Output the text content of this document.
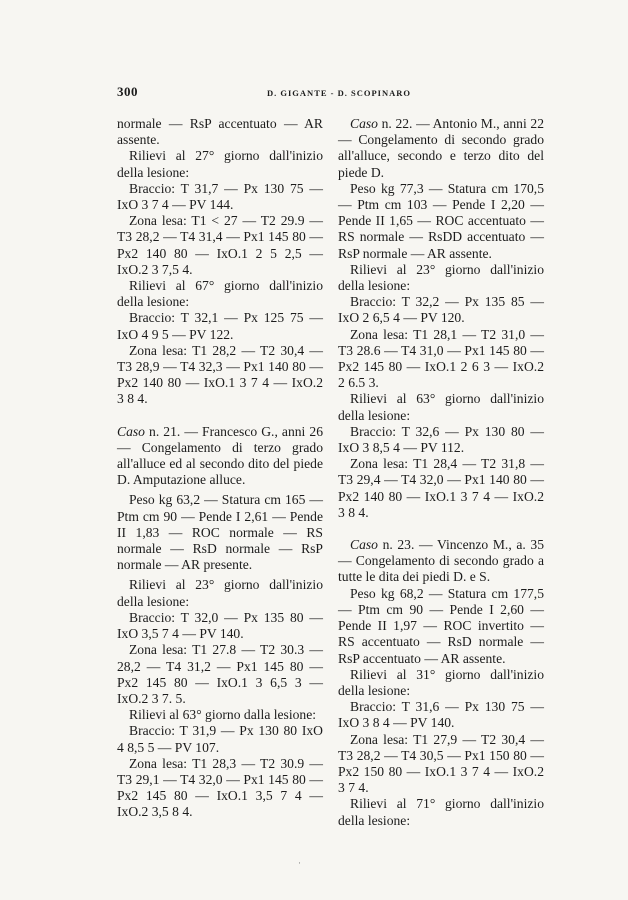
300	D. GIGANTE - D. SCOPINARO

normale — RsP accentuato — AR assente.

Rilievi al 27° giorno dall'inizio della lesione:

Braccio: T 31,7 — Px 130 75 — IxO 3 7 4 — PV 144.

Zona lesa: T1 < 27 — T2 29.9 — T3 28,2 — T4 31,4 — Px1 145 80 — Px2 140 80 — IxO.1 2 5 2,5 — IxO.2 3 7,5 4.

Rilievi al 67° giorno dall'inizio della lesione:

Braccio: T 32,1 — Px 125 75 — IxO 4 9 5 — PV 122.

Zona lesa: T1 28,2 — T2 30,4 — T3 28,9 — T4 32,3 — Px1 140 80 — Px2 140 80 — IxO.1 3 7 4 — IxO.2 3 8 4.

Caso n. 21. — Francesco G., anni 26 — Congelamento di terzo grado all'alluce ed al secondo dito del piede D. Amputazione alluce.

Peso kg 63,2 — Statura cm 165 — Ptm cm 90 — Pende I 2,61 — Pende II 1,83 — ROC normale — RS normale — RsD normale — RsP normale — AR presente.

Rilievi al 23° giorno dall'inizio della lesione:

Braccio: T 32,0 — Px 135 80 — IxO 3,5 7 4 — PV 140.

Zona lesa: T1 27.8 — T2 30.3 — 28,2 — T4 31,2 — Px1 145 80 — Px2 145 80 — IxO.1 3 6,5 3 — IxO.2 3 7. 5.

Rilievi al 63° giorno dalla lesione:

Braccio: T 31,9 — Px 130 80 IxO 4 8,5 5 — PV 107.

Zona lesa: T1 28,3 — T2 30.9 — T3 29,1 — T4 32,0 — Px1 145 80 — Px2 145 80 — IxO.1 3,5 7 4 — IxO.2 3,5 8 4.

Caso n. 22. — Antonio M., anni 22 — Congelamento di secondo grado all'alluce, secondo e terzo dito del piede D.

Peso kg 77,3 — Statura cm 170,5 — Ptm cm 103 — Pende I 2,20 — Pende II 1,65 — ROC accentuato — RS normale — RsDD accentuato — RsP normale — AR assente.

Rilievi al 23° giorno dall'inizio della lesione:

Braccio: T 32,2 — Px 135 85 — IxO 2 6,5 4 — PV 120.

Zona lesa: T1 28,1 — T2 31,0 — T3 28.6 — T4 31,0 — Px1 145 80 — Px2 145 80 — IxO.1 2 6 3 — IxO.2 2 6.5 3.

Rilievi al 63° giorno dall'inizio della lesione:

Braccio: T 32,6 — Px 130 80 — IxO 3 8,5 4 — PV 112.

Zona lesa: T1 28,4 — T2 31,8 — T3 29,4 — T4 32,0 — Px1 140 80 — Px2 140 80 — IxO.1 3 7 4 — IxO.2 3 8 4.

Caso n. 23. — Vincenzo M., a. 35 — Congelamento di secondo grado a tutte le dita dei piedi D. e S.

Peso kg 68,2 — Statura cm 177,5 — Ptm cm 90 — Pende I 2,60 — Pende II 1,97 — ROC invertito — RS accentuato — RsD normale — RsP accentuato — AR assente.

Rilievi al 31° giorno dall'inizio della lesione:

Braccio: T 31,6 — Px 130 75 — IxO 3 8 4 — PV 140.

Zona lesa: T1 27,9 — T2 30,4 — T3 28,2 — T4 30,5 — Px1 150 80 — Px2 150 80 — IxO.1 3 7 4 — IxO.2 3 7 4.

Rilievi al 71° giorno dall'inizio della lesione:

·
